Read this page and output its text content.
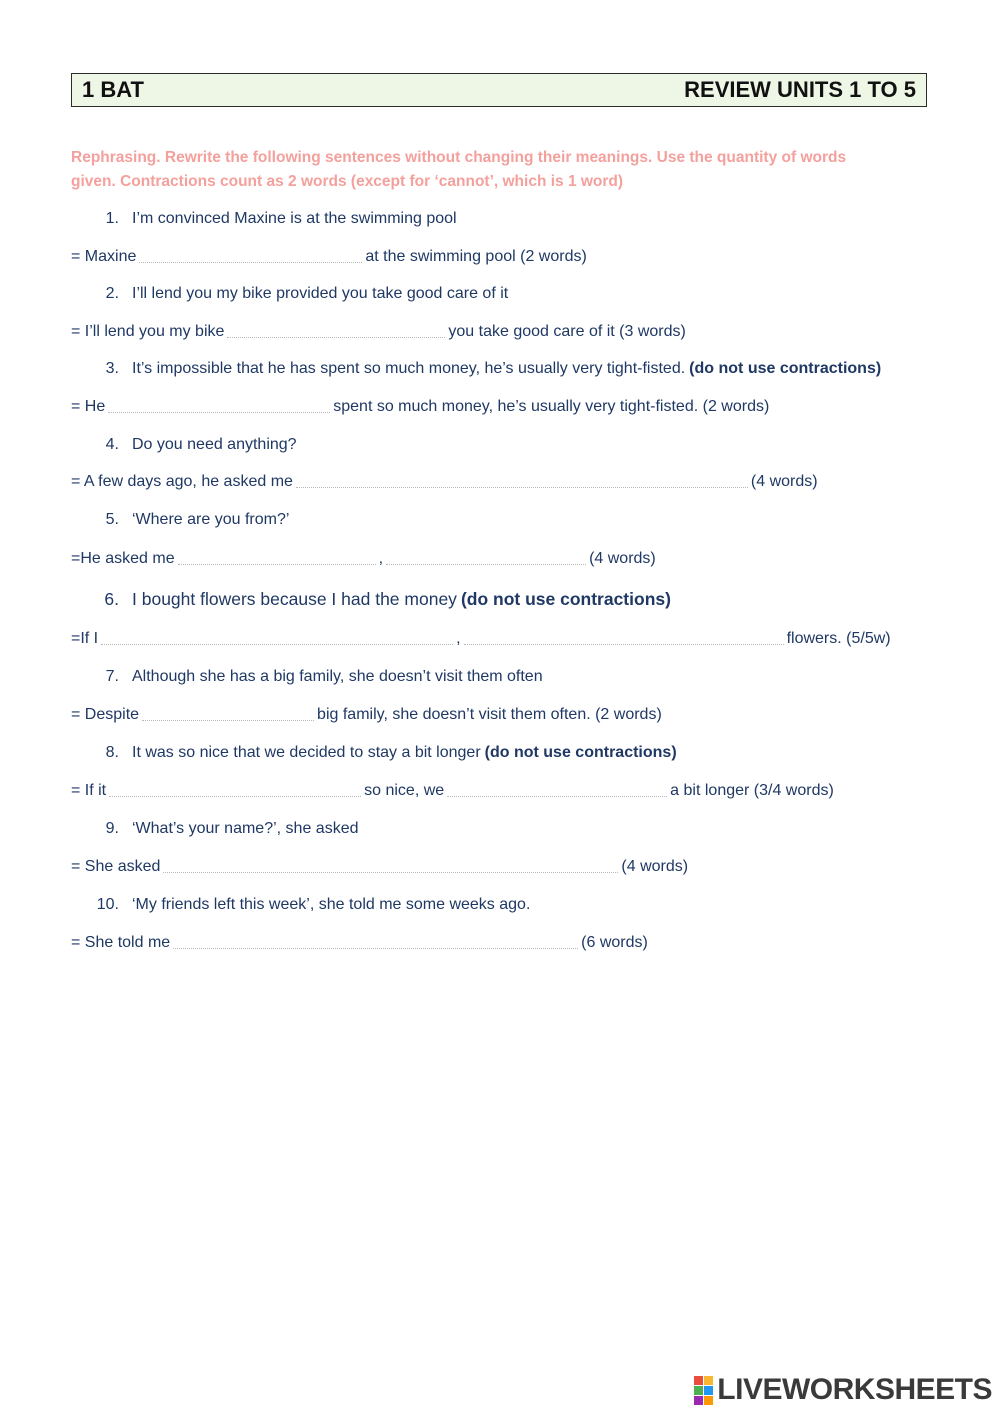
1 BAT	REVIEW UNITS 1 TO 5
Rephrasing. Rewrite the following sentences without changing their meanings. Use the quantity of words
given. Contractions count as 2 words (except for ‘cannot’, which is 1 word)
1. I’m convinced Maxine is at the swimming pool
= Maxine	at the swimming pool (2 words)
2. I’ll lend you my bike provided you take good care of it
= I’ll lend you my bike	you take good care of it (3 words)
3. It’s impossible that he has spent so much money, he’s usually very tight-fisted. (do not use contractions)
= He	spent so much money, he’s usually very tight-fisted. (2 words)
4. Do you need anything?
= A few days ago, he asked me	(4 words)
5. ‘Where are you from?’
=He asked me	,	(4 words)
6. I bought flowers because I had the money (do not use contractions)
=If I	,	flowers. (5/5w)
7. Although she has a big family, she doesn’t visit them often
= Despite	big family, she doesn’t visit them often. (2 words)
8. It was so nice that we decided to stay a bit longer (do not use contractions)
= If it	so nice, we	a bit longer (3/4 words)
9. ‘What’s your name?’, she asked
= She asked	(4 words)
10. ‘My friends left this week’, she told me some weeks ago.
= She told me	(6 words)
LIVEWORKSHEETS
